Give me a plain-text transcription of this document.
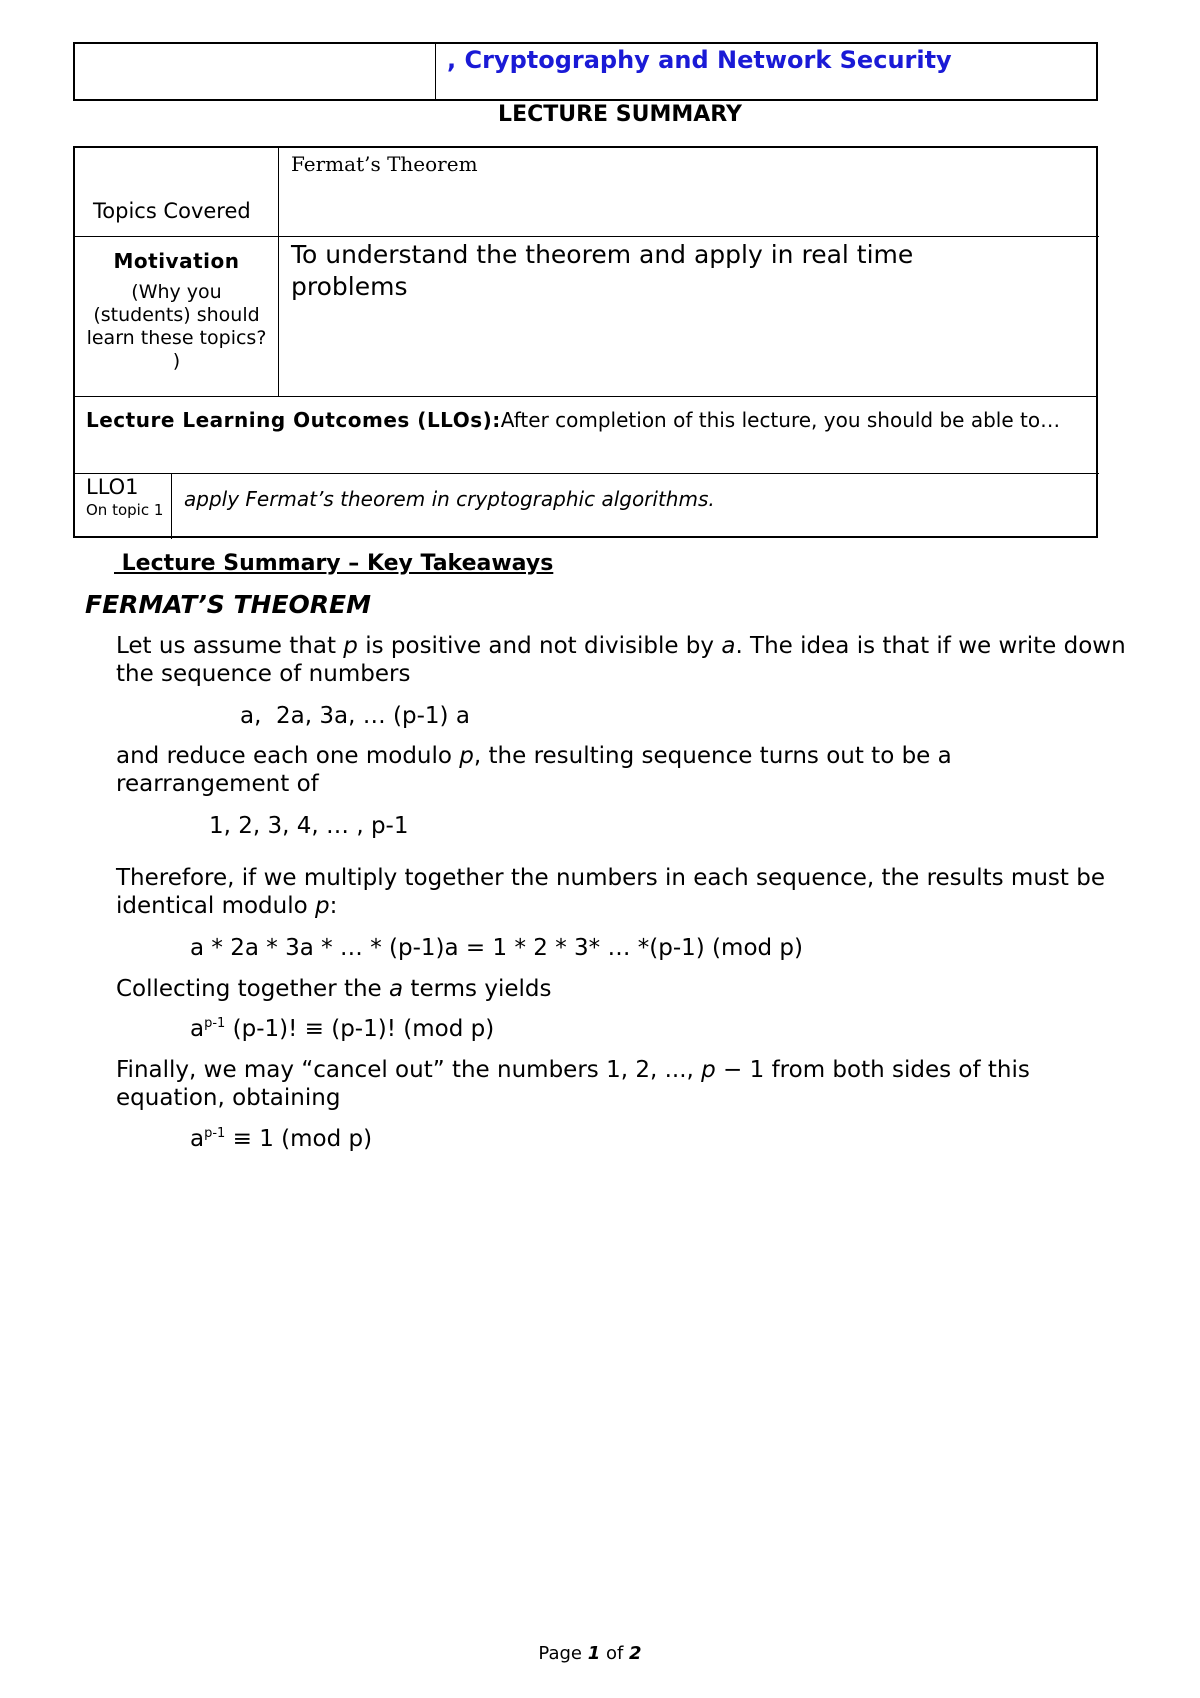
, Cryptography and Network Security
LECTURE SUMMARY
Topics Covered
Fermat’s Theorem
Motivation
(Why you (students) should learn these topics? )
To understand the theorem and apply in real time problems
Lecture Learning Outcomes (LLOs):After completion of this lecture, you should be able to…
LLO1
On topic 1 apply Fermat’s theorem in cryptographic algorithms.
Lecture Summary – Key Takeaways
FERMAT’S THEOREM
Let us assume that p is positive and not divisible by a. The idea is that if we write down the sequence of numbers
a,  2a, 3a, … (p-1) a
and reduce each one modulo p, the resulting sequence turns out to be a rearrangement of
1, 2, 3, 4, … , p-1
Therefore, if we multiply together the numbers in each sequence, the results must be identical modulo p:
a * 2a * 3a * … * (p-1)a = 1 * 2 * 3* … *(p-1) (mod p)
Collecting together the a terms yields
$a^{p-1}$ (p-1)! ≡ (p-1)! (mod p)
Finally, we may “cancel out” the numbers 1, 2, ..., p − 1 from both sides of this equation, obtaining
$a^{p-1} \equiv 1$ (mod p)
Page 1 of 2
